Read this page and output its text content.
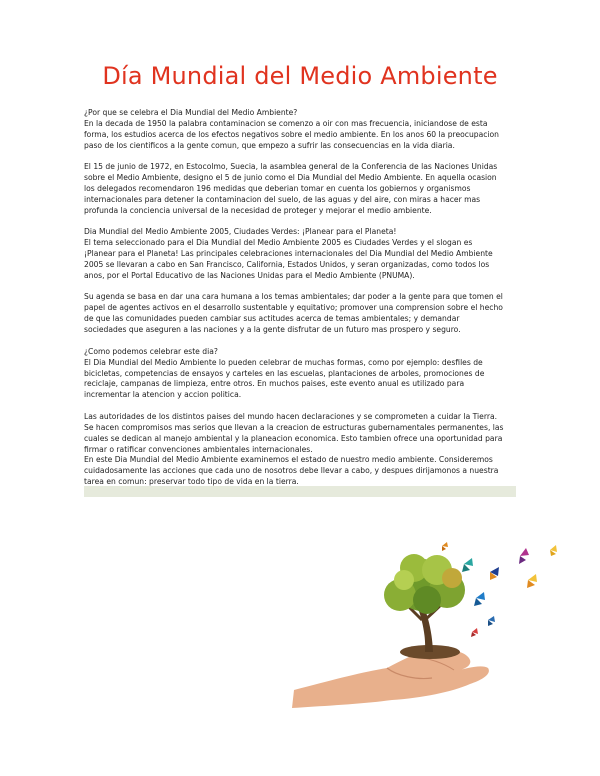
Día Mundial del Medio Ambiente
¿Por que se celebra el Dia Mundial del Medio Ambiente?
En la decada de 1950 la palabra contaminacion se comenzo a oir con mas frecuencia, iniciandose de esta
forma, los estudios acerca de los efectos negativos sobre el medio ambiente. En los anos 60 la preocupacion
paso de los cientificos a la gente comun, que empezo a sufrir las consecuencias en la vida diaria.
El 15 de junio de 1972, en Estocolmo, Suecia, la asamblea general de la Conferencia de las Naciones Unidas
sobre el Medio Ambiente, designo el 5 de junio como el Dia Mundial del Medio Ambiente. En aquella ocasion
los delegados recomendaron 196 medidas que deberian tomar en cuenta los gobiernos y organismos
internacionales para detener la contaminacion del suelo, de las aguas y del aire, con miras a hacer mas
profunda la conciencia universal de la necesidad de proteger y mejorar el medio ambiente.
Dia Mundial del Medio Ambiente 2005, Ciudades Verdes: ¡Planear para el Planeta!
El tema seleccionado para el Dia Mundial del Medio Ambiente 2005 es Ciudades Verdes y el slogan es
¡Planear para el Planeta! Las principales celebraciones internacionales del Dia Mundial del Medio Ambiente
2005 se llevaran a cabo en San Francisco, California, Estados Unidos, y seran organizadas, como todos los
anos, por el Portal Educativo de las Naciones Unidas para el Medio Ambiente (PNUMA).
Su agenda se basa en dar una cara humana a los temas ambientales; dar poder a la gente para que tomen el
papel de agentes activos en el desarrollo sustentable y equitativo; promover una comprension sobre el hecho
de que las comunidades pueden cambiar sus actitudes acerca de temas ambientales; y demandar
sociedades que aseguren a las naciones y a la gente disfrutar de un futuro mas prospero y seguro.
¿Como podemos celebrar este dia?
El Dia Mundial del Medio Ambiente lo pueden celebrar de muchas formas, como por ejemplo: desfiles de
bicicletas, competencias de ensayos y carteles en las escuelas, plantaciones de arboles, promociones de
reciclaje, campanas de limpieza, entre otros. En muchos paises, este evento anual es utilizado para
incrementar la atencion y accion politica.
Las autoridades de los distintos paises del mundo hacen declaraciones y se comprometen a cuidar la Tierra.
Se hacen compromisos mas serios que llevan a la creacion de estructuras gubernamentales permanentes, las
cuales se dedican al manejo ambiental y la planeacion economica. Esto tambien ofrece una oportunidad para
firmar o ratificar convenciones ambientales internacionales.
En este Dia Mundial del Medio Ambiente examinemos el estado de nuestro medio ambiente. Consideremos
cuidadosamente las acciones que cada uno de nosotros debe llevar a cabo, y despues dirijamonos a nuestra
tarea en comun: preservar todo tipo de vida en la tierra.
